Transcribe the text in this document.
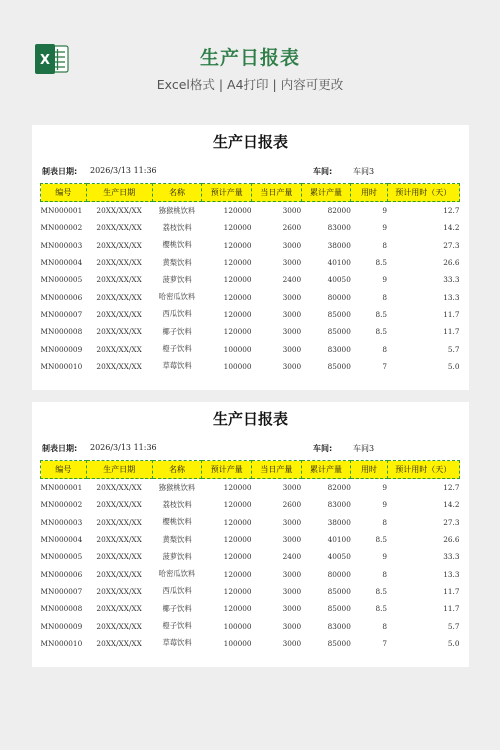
X	生产日报表
Excel格式 | A4打印 | 内容可更改
生产日报表
制表日期: 2026/3/13 11:36	车间:	车间3
编号	生产日期	名称	预计产量	当日产量	累计产量	用时	预计用时（天）
MN000001	20XX/XX/XX	猕猴桃饮料	120000	3000	82000	9	12.7
MN000002	20XX/XX/XX	荔枝饮料	120000	2600	83000	9	14.2
MN000003	20XX/XX/XX	樱桃饮料	120000	3000	38000	8	27.3
MN000004	20XX/XX/XX	黄梨饮料	120000	3000	40100	8.5	26.6
MN000005	20XX/XX/XX	菠萝饮料	120000	2400	40050	9	33.3
MN000006	20XX/XX/XX	哈密瓜饮料	120000	3000	80000	8	13.3
MN000007	20XX/XX/XX	西瓜饮料	120000	3000	85000	8.5	11.7
MN000008	20XX/XX/XX	椰子饮料	120000	3000	85000	8.5	11.7
MN000009	20XX/XX/XX	橙子饮料	100000	3000	83000	8	5.7
MN000010	20XX/XX/XX	草莓饮料	100000	3000	85000	7	5.0
生产日报表
制表日期: 2026/3/13 11:36	车间:	车间3
编号	生产日期	名称	预计产量	当日产量	累计产量	用时	预计用时（天）
MN000001	20XX/XX/XX	猕猴桃饮料	120000	3000	82000	9	12.7
MN000002	20XX/XX/XX	荔枝饮料	120000	2600	83000	9	14.2
MN000003	20XX/XX/XX	樱桃饮料	120000	3000	38000	8	27.3
MN000004	20XX/XX/XX	黄梨饮料	120000	3000	40100	8.5	26.6
MN000005	20XX/XX/XX	菠萝饮料	120000	2400	40050	9	33.3
MN000006	20XX/XX/XX	哈密瓜饮料	120000	3000	80000	8	13.3
MN000007	20XX/XX/XX	西瓜饮料	120000	3000	85000	8.5	11.7
MN000008	20XX/XX/XX	椰子饮料	120000	3000	85000	8.5	11.7
MN000009	20XX/XX/XX	橙子饮料	100000	3000	83000	8	5.7
MN000010	20XX/XX/XX	草莓饮料	100000	3000	85000	7	5.0
